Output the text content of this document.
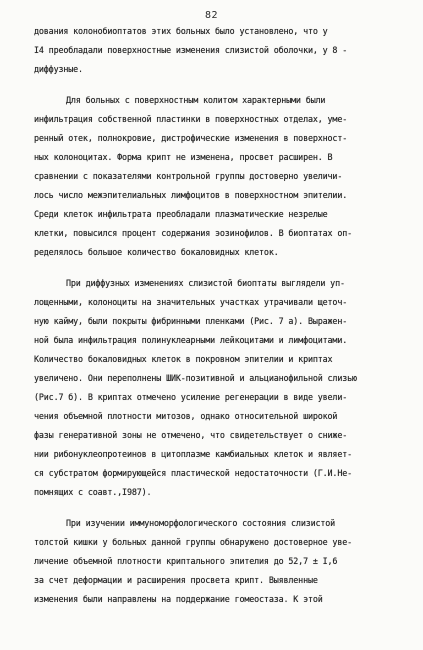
82
дования колонобиоптатов этих больных было установлено, что у
I4 преобладали поверхностные изменения слизистой оболочки, у 8 -
диффузные.
Для больных с поверхностным колитом характерными были
инфильтрация собственной пластинки в поверхностных отделах, уме-
ренный отек, полнокровие, дистрофические изменения в поверхност-
ных колоноцитах. Форма крипт не изменена, просвет расширен. В
сравнении с показателями контрольной группы достоверно увеличи-
лось число межэпителиальных лимфоцитов в поверхностном эпителии.
Среди клеток инфильтрата преобладали плазматические незрелые
клетки, повысился процент содержания эозинофилов. В биоптатах оп-
ределялось большое количество бокаловидных клеток.
При диффузных изменениях слизистой биоптаты выглядели уп-
лощенными, колоноциты на значительных участках утрачивали щеточ-
ную кайму, были покрыты фибринными пленками (Рис. 7 а). Выражен-
ной была инфильтрация полинуклеарными лейкоцитами и лимфоцитами.
Количество бокаловидных клеток в покровном эпителии и криптах
увеличено. Они переполнены ШИК-позитивной и альцианофильной слизью
(Рис.7 б). В криптах отмечено усиление регенерации в виде увели-
чения объемной плотности митозов, однако относительной широкой
фазы генеративной зоны не отмечено, что свидетельствует о сниже-
нии рибонуклеопротеинов в цитоплазме камбиальных клеток и являет-
ся субстратом формирующейся пластической недостаточности (Г.И.Не-
помнящих с соавт.,I987).
При изучении иммуноморфологического состояния слизистой
толстой кишки у больных данной группы обнаружено достоверное уве-
личение объемной плотности криптального эпителия до 52,7 ± I,6
за счет деформации и расширения просвета крипт. Выявленные
изменения были направлены на поддержание гомеостаза. К этой
